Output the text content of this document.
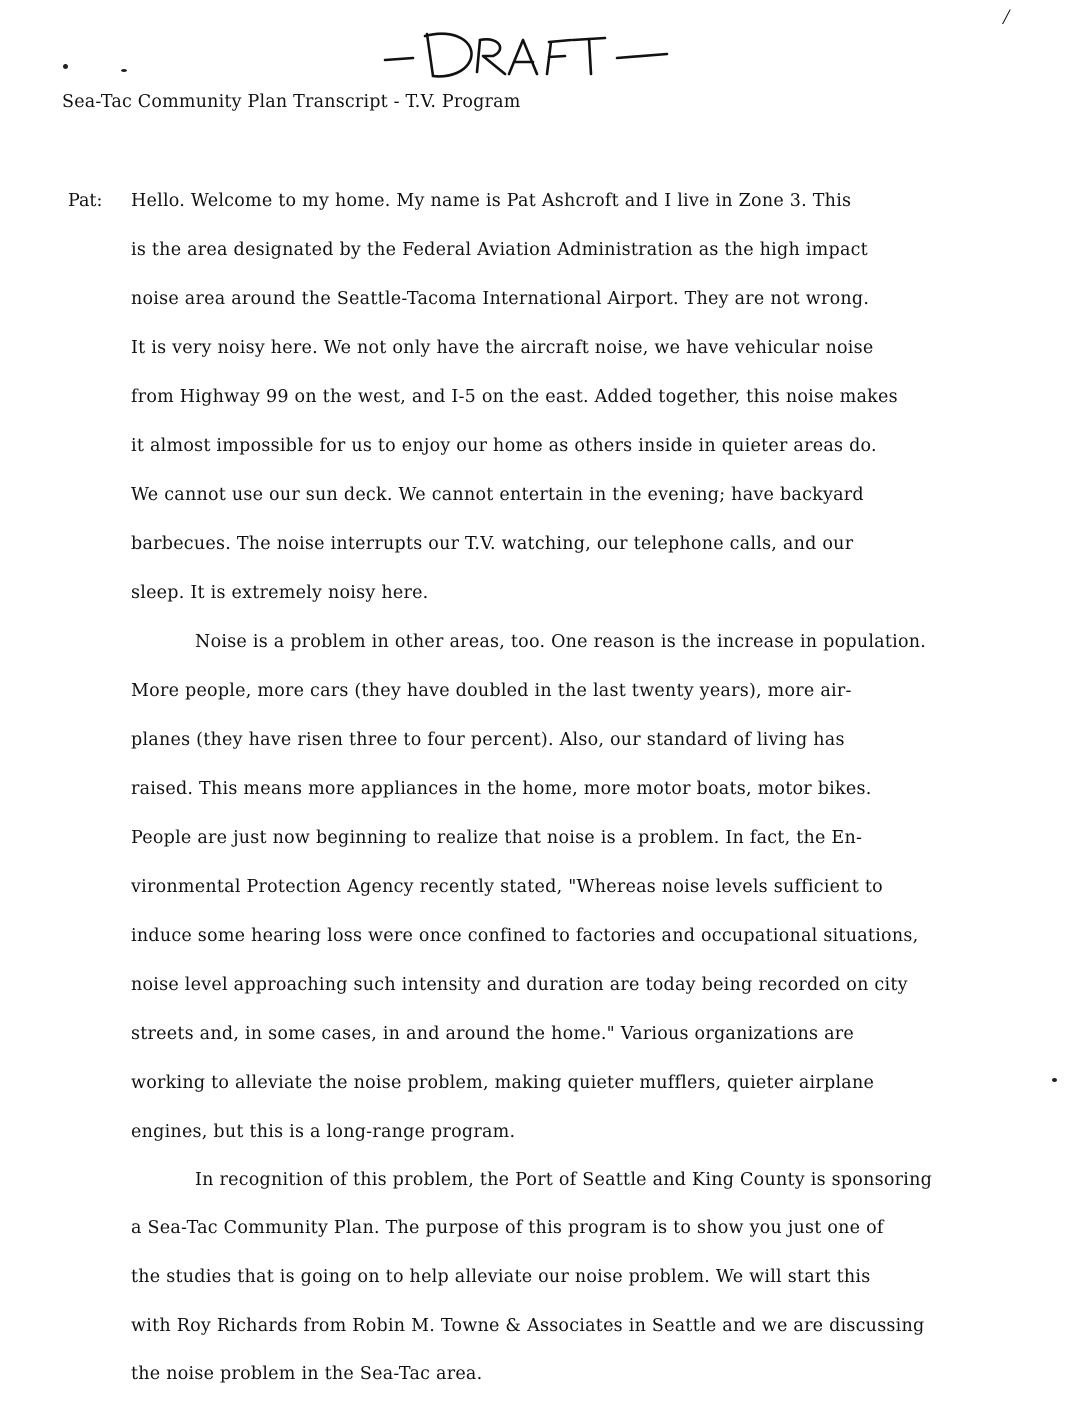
/
Sea-Tac Community Plan Transcript - T.V. Program
Pat: Hello. Welcome to my home. My name is Pat Ashcroft and I live in Zone 3. This
is the area designated by the Federal Aviation Administration as the high impact
noise area around the Seattle-Tacoma International Airport. They are not wrong.
It is very noisy here. We not only have the aircraft noise, we have vehicular noise
from Highway 99 on the west, and I-5 on the east. Added together, this noise makes
it almost impossible for us to enjoy our home as others inside in quieter areas do.
We cannot use our sun deck. We cannot entertain in the evening; have backyard
barbecues. The noise interrupts our T.V. watching, our telephone calls, and our
sleep. It is extremely noisy here.
Noise is a problem in other areas, too. One reason is the increase in population.
More people, more cars (they have doubled in the last twenty years), more air-
planes (they have risen three to four percent). Also, our standard of living has
raised. This means more appliances in the home, more motor boats, motor bikes.
People are just now beginning to realize that noise is a problem. In fact, the En-
vironmental Protection Agency recently stated, "Whereas noise levels sufficient to
induce some hearing loss were once confined to factories and occupational situations,
noise level approaching such intensity and duration are today being recorded on city
streets and, in some cases, in and around the home." Various organizations are
working to alleviate the noise problem, making quieter mufflers, quieter airplane
engines, but this is a long-range program.
In recognition of this problem, the Port of Seattle and King County is sponsoring
a Sea-Tac Community Plan. The purpose of this program is to show you just one of
the studies that is going on to help alleviate our noise problem. We will start this
with Roy Richards from Robin M. Towne & Associates in Seattle and we are discussing
the noise problem in the Sea-Tac area.
